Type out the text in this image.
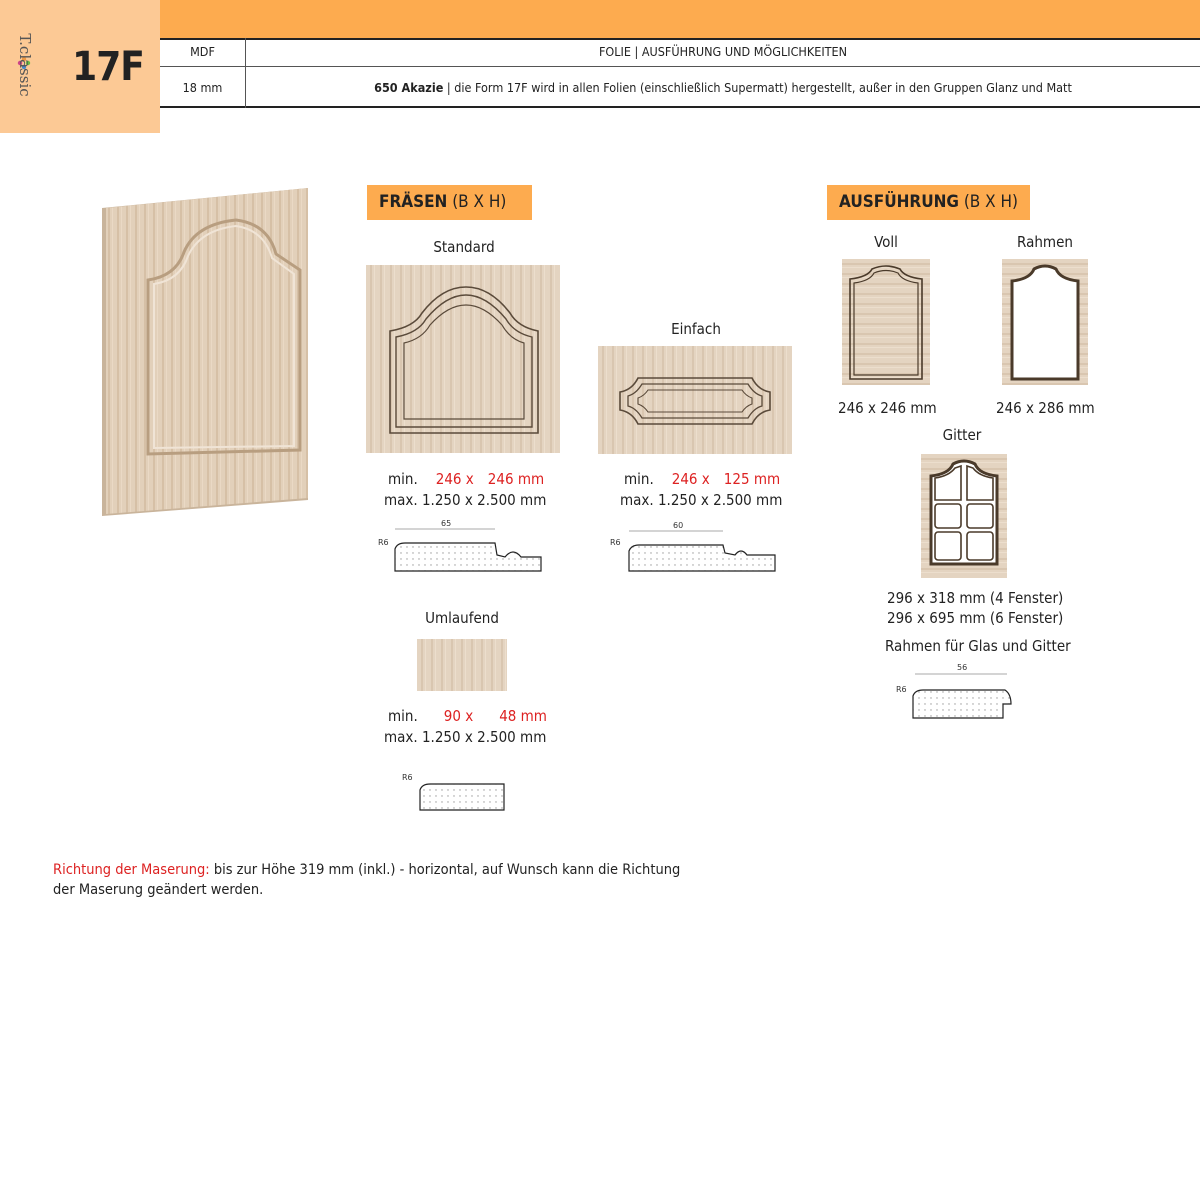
T.classic 17F	MDF	FOLIE | AUSFÜHRUNG UND MÖGLICHKEITEN
18 mm	650 Akazie | die Form 17F wird in allen Folien (einschließlich Supermatt) hergestellt, außer in den Gruppen Glanz und Matt
FRÄSEN (B X H)
Standard
min. 246 x 246 mm
max. 1.250 x 2.500 mm
R6
65
Einfach
min. 246 x 125 mm
max. 1.250 x 2.500 mm
R6
60
Umlaufend
min. 90 x 48 mm
max. 1.250 x 2.500 mm
R6
AUSFÜHRUNG (B X H)
Voll
246 x 246 mm
Rahmen
246 x 286 mm
Gitter
296 x 318 mm (4 Fenster)
296 x 695 mm (6 Fenster)
Rahmen für Glas und Gitter
R6
56
Richtung der Maserung: bis zur Höhe 319 mm (inkl.) - horizontal, auf Wunsch kann die Richtung
der Maserung geändert werden.
